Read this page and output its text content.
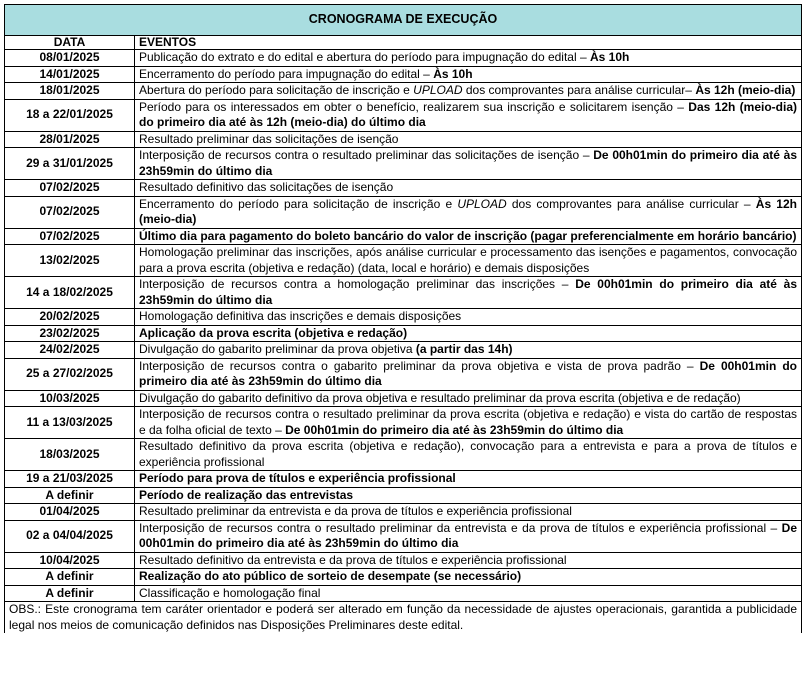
CRONOGRAMA DE EXECUÇÃO	
DATA	EVENTOS
08/01/2025	Publicação do extrato e do edital e abertura do período para impugnação do edital – Às 10h
14/01/2025	Encerramento do período para impugnação do edital – Às 10h
18/01/2025	Abertura do período para solicitação de inscrição e UPLOAD dos comprovantes para análise curricular– Às 12h (meio-dia)
18 a 22/01/2025	Período para os interessados em obter o benefício, realizarem sua inscrição e solicitarem isenção – Das 12h (meio-dia) do primeiro dia até às 12h (meio-dia) do último dia
28/01/2025	Resultado preliminar das solicitações de isenção
29 a 31/01/2025	Interposição de recursos contra o resultado preliminar das solicitações de isenção – De 00h01min do primeiro dia até às 23h59min do último dia
07/02/2025	Resultado definitivo das solicitações de isenção
07/02/2025	Encerramento do período para solicitação de inscrição e UPLOAD dos comprovantes para análise curricular – Às 12h (meio-dia)
07/02/2025	Último dia para pagamento do boleto bancário do valor de inscrição (pagar preferencialmente em horário bancário)
13/02/2025	Homologação preliminar das inscrições, após análise curricular e processamento das isenções e pagamentos, convocação para a prova escrita (objetiva e redação) (data, local e horário) e demais disposições
14 a 18/02/2025	Interposição de recursos contra a homologação preliminar das inscrições – De 00h01min do primeiro dia até às 23h59min do último dia
20/02/2025	Homologação definitiva das inscrições e demais disposições
23/02/2025	Aplicação da prova escrita (objetiva e redação)
24/02/2025	Divulgação do gabarito preliminar da prova objetiva (a partir das 14h)
25 a 27/02/2025	Interposição de recursos contra o gabarito preliminar da prova objetiva e vista de prova padrão – De 00h01min do primeiro dia até às 23h59min do último dia
10/03/2025	Divulgação do gabarito definitivo da prova objetiva e resultado preliminar da prova escrita (objetiva e de redação)
11 a 13/03/2025	Interposição de recursos contra o resultado preliminar da prova escrita (objetiva e redação) e vista do cartão de respostas e da folha oficial de texto – De 00h01min do primeiro dia até às 23h59min do último dia
18/03/2025	Resultado definitivo da prova escrita (objetiva e redação), convocação para a entrevista e para a prova de títulos e experiência profissional
19 a 21/03/2025	Período para prova de títulos e experiência profissional
A definir	Período de realização das entrevistas
01/04/2025	Resultado preliminar da entrevista e da prova de títulos e experiência profissional
02 a 04/04/2025	Interposição de recursos contra o resultado preliminar da entrevista e da prova de títulos e experiência profissional – De 00h01min do primeiro dia até às 23h59min do último dia
10/04/2025	Resultado definitivo da entrevista e da prova de títulos e experiência profissional
A definir	Realização do ato público de sorteio de desempate (se necessário)
A definir	Classificação e homologação final
OBS.: Este cronograma tem caráter orientador e poderá ser alterado em função da necessidade de ajustes operacionais, garantida a publicidade legal nos meios de comunicação definidos nas Disposições Preliminares deste edital.	
